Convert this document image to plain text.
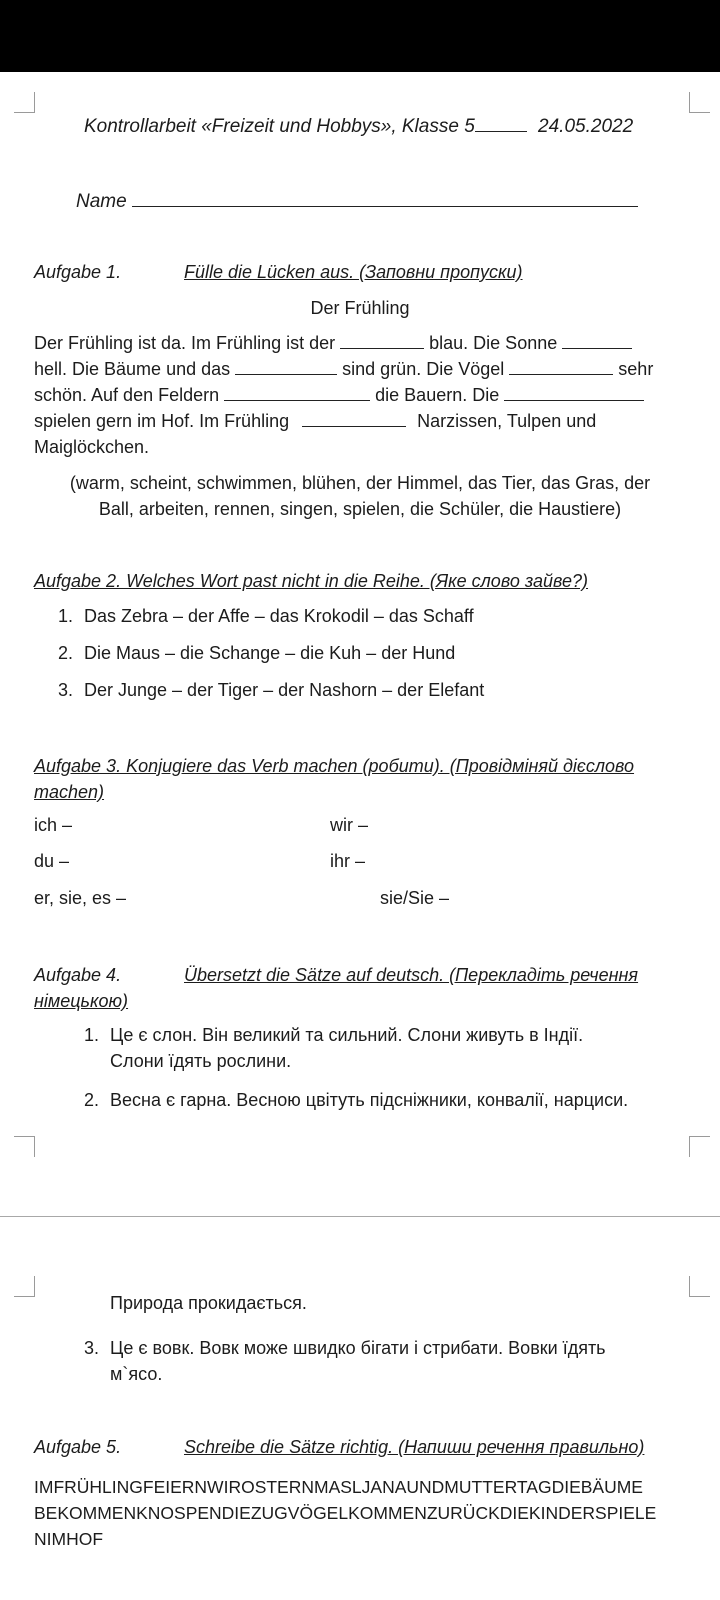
Kontrollarbeit «Freizeit und Hobbys», Klasse 5	24.05.2022
Name
Aufgabe 1.	Fülle die Lücken aus. (Заповни пропуски)
Der Frühling
Der Frühling ist da. Im Frühling ist der	blau. Die Sonne
hell. Die Bäume und das	sind grün. Die Vögel	sehr
schön. Auf den Feldern	die Bauern. Die
spielen gern im Hof. Im Frühling	Narzissen, Tulpen und
Maiglöckchen.
(warm, scheint, schwimmen, blühen, der Himmel, das Tier, das Gras, der
Ball, arbeiten, rennen, singen, spielen, die Schüler, die Haustiere)
Aufgabe 2. Welches Wort past nicht in die Reihe. (Яке слово зайве?)
1. Das Zebra – der Affe – das Krokodil – das Schaff
2. Die Maus – die Schange – die Kuh – der Hund
3. Der Junge – der Tiger – der Nashorn – der Elefant
Aufgabe 3. Konjugiere das Verb machen (робити). (Провідміняй дієслово
machen)
ich –	wir –
du –	ihr –
er, sie, es –	sie/Sie –
Aufgabe 4.	Übersetzt die Sätze auf deutsch. (Перекладіть речення
німецькою)
1. Це є слон. Він великий та сильний. Слони живуть в Індії.
Слони їдять рослини.
2. Весна є гарна. Весною цвітуть підсніжники, конвалії, нарциси.
Природа прокидається.
3. Це є вовк. Вовк може швидко бігати і стрибати. Вовки їдять
м`ясо.
Aufgabe 5.	Schreibe die Sätze richtig. (Напиши речення правильно)
IMFRÜHLINGFEIERNWIROSTERNMASLJANAUNDMUTTERTAGDIEBÄUME
BEKOMMENKNOSPENDIEZUGVÖGELKOMMENZURÜCKDIEKINDERSPIELE
NIMHOF
